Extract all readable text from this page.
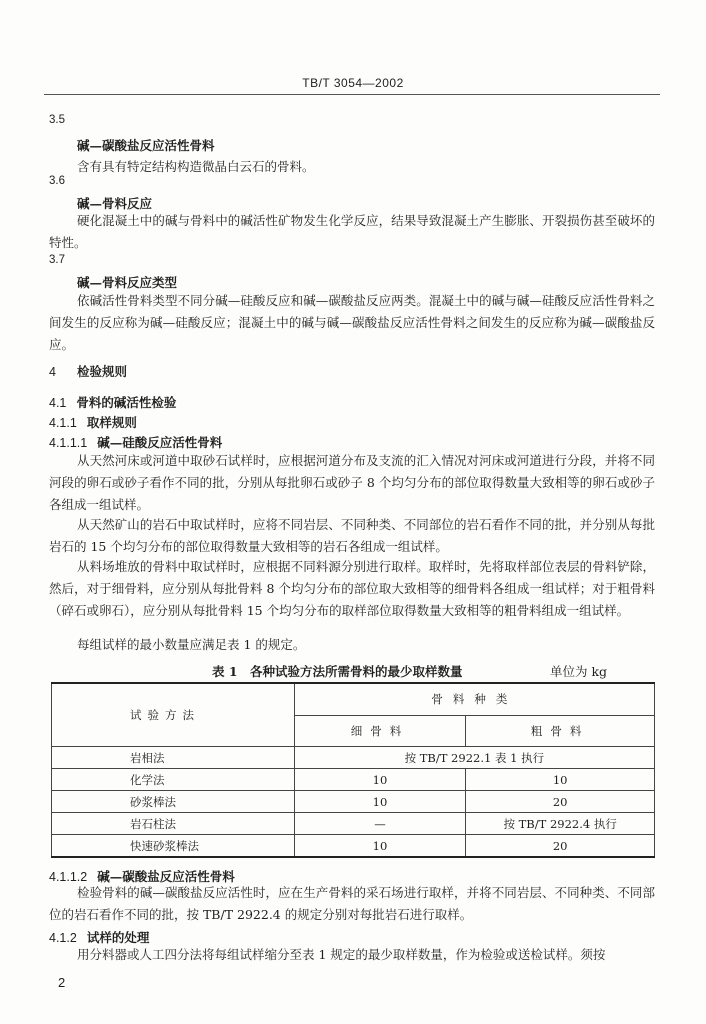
TB/T 3054—2002
3.5
碱—碳酸盐反应活性骨料
含有具有特定结构构造微晶白云石的骨料。
3.6
碱—骨料反应
硬化混凝土中的碱与骨料中的碱活性矿物发生化学反应，结果导致混凝土产生膨胀、开裂损伤甚至破坏的特性。
3.7
碱—骨料反应类型
依碱活性骨料类型不同分碱—硅酸反应和碱—碳酸盐反应两类。混凝土中的碱与碱—硅酸反应活性骨料之间发生的反应称为碱—硅酸反应；混凝土中的碱与碱—碳酸盐反应活性骨料之间发生的反应称为碱—碳酸盐反应。
4 检验规则
4.1 骨料的碱活性检验
4.1.1 取样规则
4.1.1.1 碱—硅酸反应活性骨料
从天然河床或河道中取砂石试样时，应根据河道分布及支流的汇入情况对河床或河道进行分段，并将不同河段的卵石或砂子看作不同的批，分别从每批卵石或砂子 8 个均匀分布的部位取得数量大致相等的卵石或砂子各组成一组试样。
从天然矿山的岩石中取试样时，应将不同岩层、不同种类、不同部位的岩石看作不同的批，并分别从每批岩石的 15 个均匀分布的部位取得数量大致相等的岩石各组成一组试样。
从料场堆放的骨料中取试样时，应根据不同料源分别进行取样。取样时，先将取样部位表层的骨料铲除，然后，对于细骨料，应分别从每批骨料 8 个均匀分布的部位取大致相等的细骨料各组成一组试样；对于粗骨料（碎石或卵石），应分别从每批骨料 15 个均匀分布的取样部位取得数量大致相等的粗骨料组成一组试样。
每组试样的最小数量应满足表 1 的规定。
表 1　各种试验方法所需骨料的最少取样数量	单位为 kg
试验方法	骨料种类	
	细骨料	粗骨料
岩相法	按 TB/T 2922.1 表 1 执行	
化学法	10	10
砂浆棒法	10	20
岩石柱法	—	按 TB/T 2922.4 执行
快速砂浆棒法	10	20
4.1.1.2 碱—碳酸盐反应活性骨料
检验骨料的碱—碳酸盐反应活性时，应在生产骨料的采石场进行取样，并将不同岩层、不同种类、不同部位的岩石看作不同的批，按 TB/T 2922.4 的规定分别对每批岩石进行取样。
4.1.2 试样的处理
用分料器或人工四分法将每组试样缩分至表 1 规定的最少取样数量，作为检验或送检试样。须按
2
